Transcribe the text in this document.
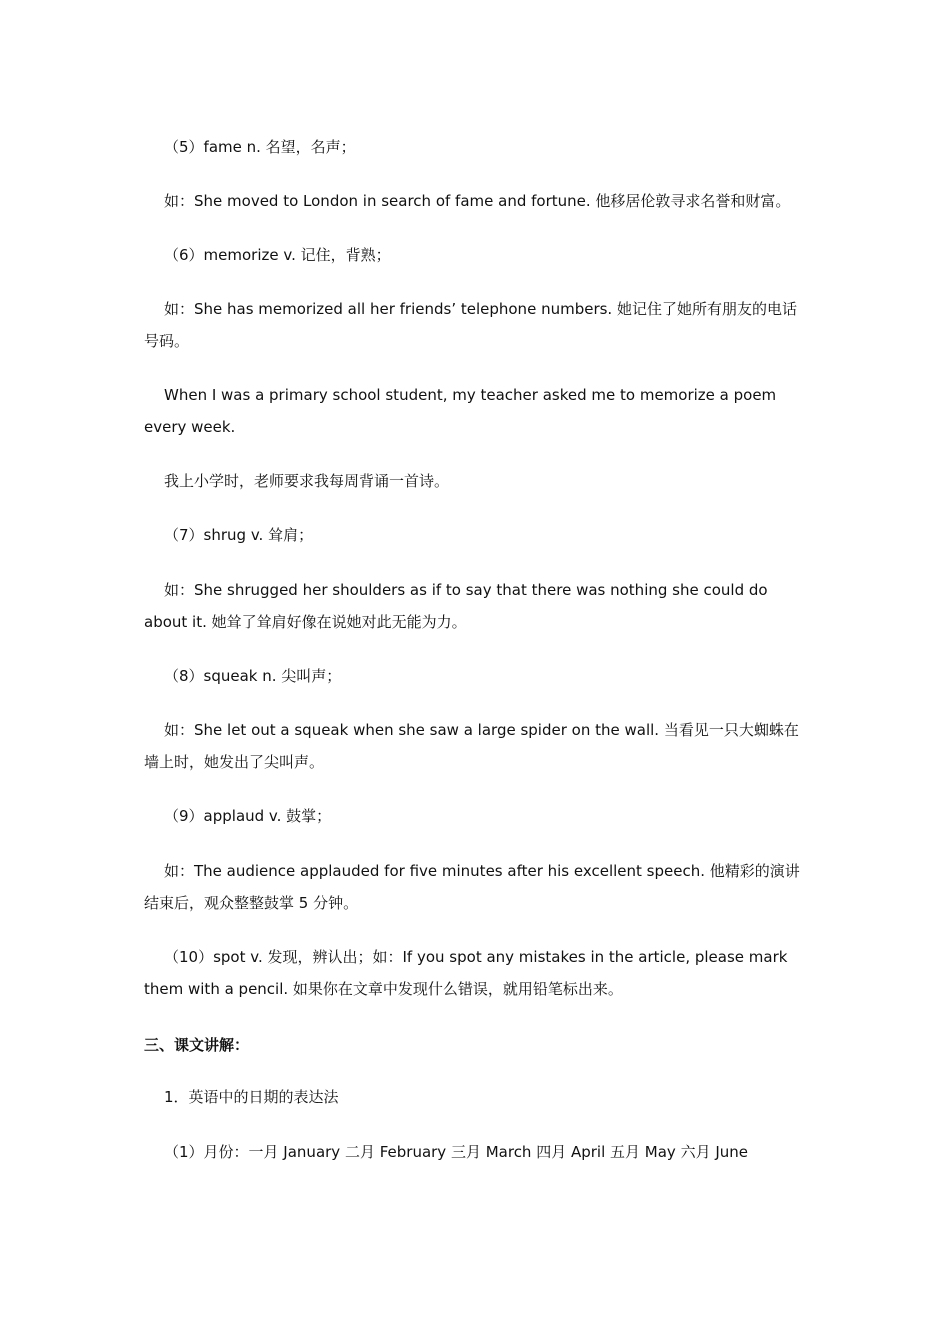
（5）fame n. 名望，名声；
如：She moved to London in search of fame and fortune. 他移居伦敦寻求名誉和财富。
（6）memorize v. 记住，背熟；
如：She has memorized all her friends’ telephone numbers. 她记住了她所有朋友的电话号码。
When I was a primary school student, my teacher asked me to memorize a poem every week.
我上小学时，老师要求我每周背诵一首诗。
（7）shrug v. 耸肩；
如：She shrugged her shoulders as if to say that there was nothing she could do about it. 她耸了耸肩好像在说她对此无能为力。
（8）squeak n. 尖叫声；
如：She let out a squeak when she saw a large spider on the wall. 当看见一只大蜘蛛在墙上时，她发出了尖叫声。
（9）applaud v. 鼓掌；
如：The audience applauded for five minutes after his excellent speech. 他精彩的演讲结束后，观众整整鼓掌 5 分钟。
（10）spot v. 发现，辨认出；如：If you spot any mistakes in the article, please mark them with a pencil. 如果你在文章中发现什么错误，就用铅笔标出来。
三、课文讲解：
1．英语中的日期的表达法
（1）月份：一月 January 二月 February 三月 March 四月 April 五月 May 六月 June
